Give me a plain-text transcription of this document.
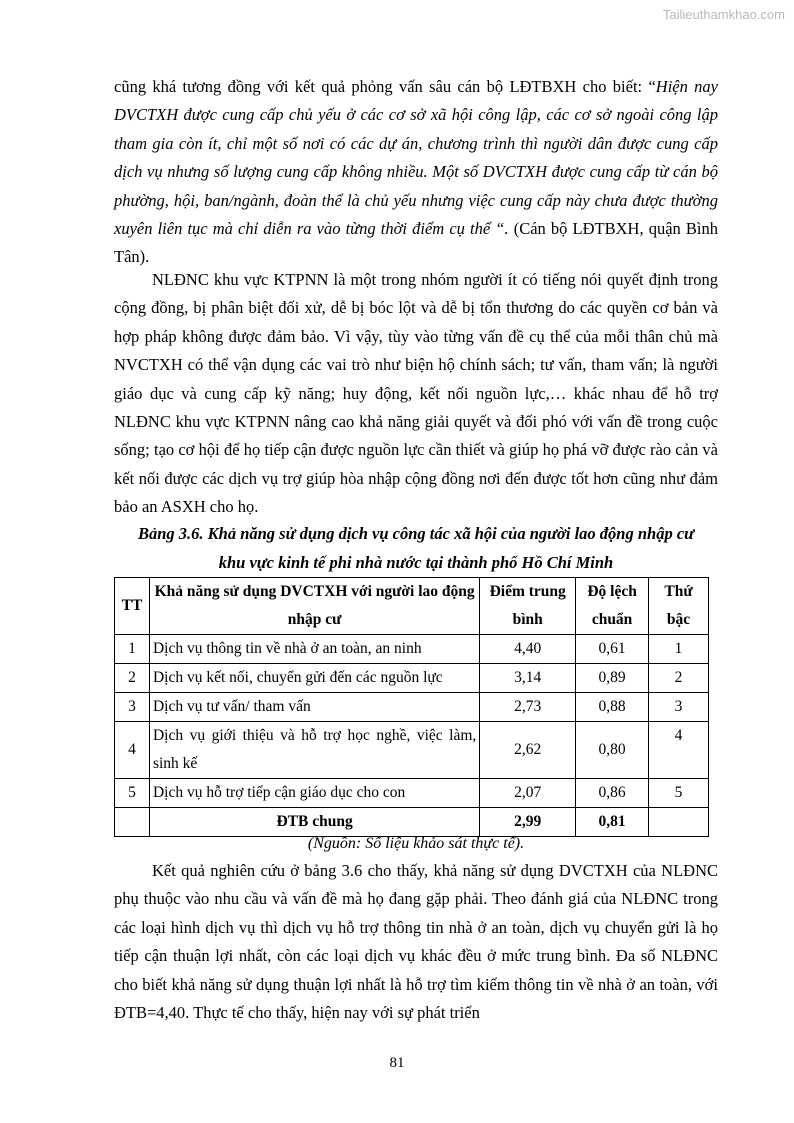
Tailieuthamkhao.com

cũng khá tương đồng với kết quả phỏng vấn sâu cán bộ LĐTBXH cho biết: “Hiện nay DVCTXH được cung cấp chủ yếu ở các cơ sở xã hội công lập, các cơ sở ngoài công lập tham gia còn ít, chỉ một số nơi có các dự án, chương trình thì người dân được cung cấp dịch vụ nhưng số lượng cung cấp không nhiều. Một số DVCTXH được cung cấp từ cán bộ phường, hội, ban/ngành, đoàn thể là chủ yếu nhưng việc cung cấp này chưa được thường xuyên liên tục mà chỉ diễn ra vào từng thời điểm cụ thể “. (Cán bộ LĐTBXH, quận Bình Tân).

NLĐNC khu vực KTPNN là một trong nhóm người ít có tiếng nói quyết định trong cộng đồng, bị phân biệt đối xử, dễ bị bóc lột và dễ bị tổn thương do các quyền cơ bản và hợp pháp không được đảm bảo. Vì vậy, tùy vào từng vấn đề cụ thể của mỗi thân chủ mà NVCTXH có thể vận dụng các vai trò như biện hộ chính sách; tư vấn, tham vấn; là người giáo dục và cung cấp kỹ năng; huy động, kết nối nguồn lực,… khác nhau để hỗ trợ NLĐNC khu vực KTPNN nâng cao khả năng giải quyết và đối phó với vấn đề trong cuộc sống; tạo cơ hội để họ tiếp cận được nguồn lực cần thiết và giúp họ phá vỡ được rào cản và kết nối được các dịch vụ trợ giúp hòa nhập cộng đồng nơi đến được tốt hơn cũng như đảm bảo an ASXH cho họ.

Bảng 3.6. Khả năng sử dụng dịch vụ công tác xã hội của người lao động nhập cư

khu vực kinh tế phi nhà nước tại thành phố Hồ Chí Minh

TT	Khả năng sử dụng DVCTXH với người lao động nhập cư	Điểm trung bình	Độ lệch chuẩn	Thứ bậc
1	Dịch vụ thông tin về nhà ở an toàn, an ninh	4,40	0,61	1
2	Dịch vụ kết nối, chuyển gửi đến các nguồn lực	3,14	0,89	2
3	Dịch vụ tư vấn/ tham vấn	2,73	0,88	3
4	Dịch vụ giới thiệu và hỗ trợ học nghề, việc làm, sinh kế	2,62	0,80	4
5	Dịch vụ hỗ trợ tiếp cận giáo dục cho con	2,07	0,86	5
	ĐTB chung	2,99	0,81	

(Nguồn: Số liệu khảo sát thực tế).

Kết quả nghiên cứu ở bảng 3.6 cho thấy, khả năng sử dụng DVCTXH của NLĐNC phụ thuộc vào nhu cầu và vấn đề mà họ đang gặp phải. Theo đánh giá của NLĐNC trong các loại hình dịch vụ thì dịch vụ hỗ trợ thông tin nhà ở an toàn, dịch vụ chuyển gửi là họ tiếp cận thuận lợi nhất, còn các loại dịch vụ khác đều ở mức trung bình. Đa số NLĐNC cho biết khả năng sử dụng thuận lợi nhất là hỗ trợ tìm kiếm thông tin về nhà ở an toàn, với ĐTB=4,40. Thực tế cho thấy, hiện nay với sự phát triển

81
